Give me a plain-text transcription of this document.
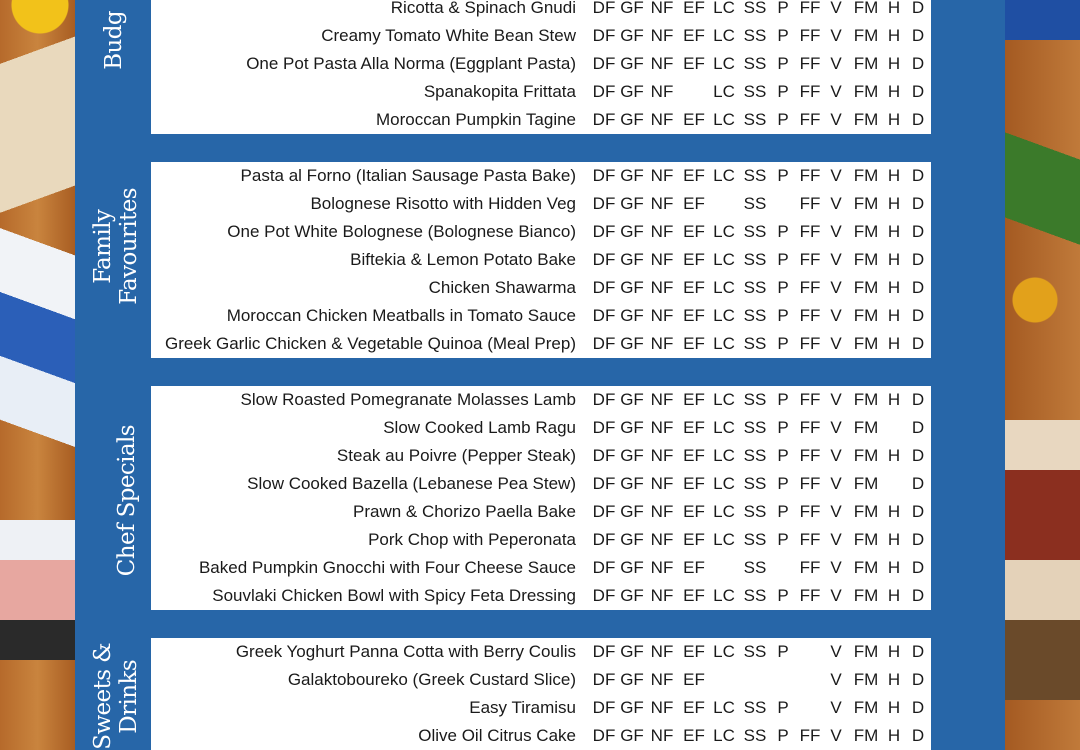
Budg
Family
Favourites
Chef Specials
Sweets &
Drinks
Ricotta & Spinach Gnudi DF GF NF EF LC SS P FF V FM H D
Creamy Tomato White Bean Stew DF GF NF EF LC SS P FF V FM H D
One Pot Pasta Alla Norma (Eggplant Pasta) DF GF NF EF LC SS P FF V FM H D
Spanakopita Frittata DF GF NF LC SS P FF V FM H D
Moroccan Pumpkin Tagine DF GF NF EF LC SS P FF V FM H D
Pasta al Forno (Italian Sausage Pasta Bake) DF GF NF EF LC SS P FF V FM H D
Bolognese Risotto with Hidden Veg DF GF NF EF SS FF V FM H D
One Pot White Bolognese (Bolognese Bianco) DF GF NF EF LC SS P FF V FM H D
Biftekia & Lemon Potato Bake DF GF NF EF LC SS P FF V FM H D
Chicken Shawarma DF GF NF EF LC SS P FF V FM H D
Moroccan Chicken Meatballs in Tomato Sauce DF GF NF EF LC SS P FF V FM H D
Greek Garlic Chicken & Vegetable Quinoa (Meal Prep) DF GF NF EF LC SS P FF V FM H D
Slow Roasted Pomegranate Molasses Lamb DF GF NF EF LC SS P FF V FM H D
Slow Cooked Lamb Ragu DF GF NF EF LC SS P FF V FM D
Steak au Poivre (Pepper Steak) DF GF NF EF LC SS P FF V FM H D
Slow Cooked Bazella (Lebanese Pea Stew) DF GF NF EF LC SS P FF V FM D
Prawn & Chorizo Paella Bake DF GF NF EF LC SS P FF V FM H D
Pork Chop with Peperonata DF GF NF EF LC SS P FF V FM H D
Baked Pumpkin Gnocchi with Four Cheese Sauce DF GF NF EF SS FF V FM H D
Souvlaki Chicken Bowl with Spicy Feta Dressing DF GF NF EF LC SS P FF V FM H D
Greek Yoghurt Panna Cotta with Berry Coulis DF GF NF EF LC SS P V FM H D
Galaktoboureko (Greek Custard Slice) DF GF NF EF	V FM H D
Easy Tiramisu DF GF NF EF LC SS P V FM H D
Olive Oil Citrus Cake DF GF NF EF LC SS P FF V FM H D
